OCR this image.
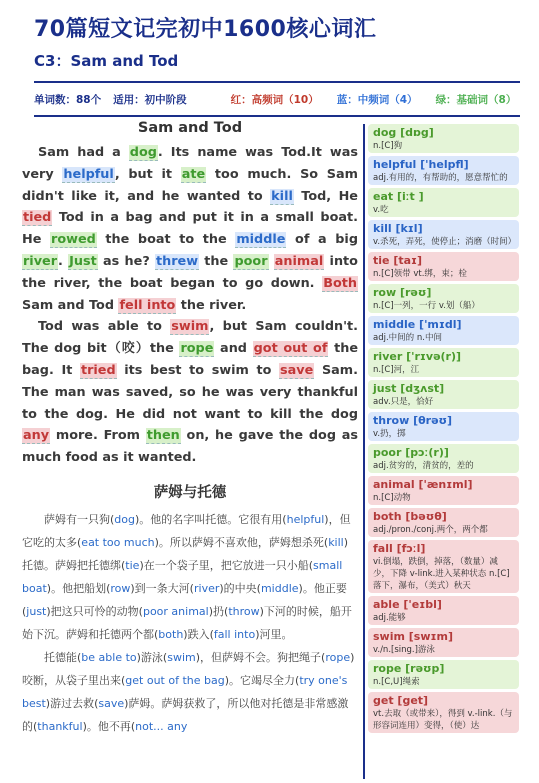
70篇短文记完初中1600核心词汇
C3：Sam and Tod
单词数：88个 适用：初中阶段	红：高频词（10） 蓝：中频词（4） 绿：基础词（8）
Sam and Tod

Sam had a dog. Its name was Tod.It was very helpful, but it ate too much. So Sam didn't like it, and he wanted to kill Tod, He tied Tod in a bag and put it in a small boat. He rowed the boat to the middle of a big river. Just as he? threw the poor animal into the river, the boat began to go down. Both Sam and Tod fell into the river.

Tod was able to swim, but Sam couldn't. The dog bit（咬）the rope and got out of the bag. It tried its best to swim to save Sam. The man was saved, so he was very thankful to the dog. He did not want to kill the dog any more. From then on, he gave the dog as much food as it wanted.

萨姆与托德

萨姆有一只狗(dog)。他的名字叫托德。它很有用(helpful)，但它吃的太多(eat too much)。所以萨姆不喜欢他，萨姆想杀死(kill)托德。萨姆把托德绑(tie)在一个袋子里，把它放进一只小船(small boat)。他把船划(row)到一条大河(river)的中央(middle)。他正要(just)把这只可怜的动物(poor animal)扔(throw)下河的时候，船开始下沉。萨姆和托德两个都(both)跌入(fall into)河里。

托德能(be able to)游泳(swim)，但萨姆不会。狗把绳子(rope)咬断，从袋子里出来(get out of the bag)。它竭尽全力(try one's best)游过去救(save)萨姆。萨姆获救了，所以他对托德是非常感激的(thankful)。他不再(not... any

dog [dɒg]
n.[C]狗
helpful ['helpfl]
adj.有用的，有帮助的，愿意帮忙的
eat [iːt ]
v.吃
kill [kɪl]
v.杀死，弄死，使停止；消磨（时间）
tie [taɪ]
n.[C]领带 vt.绑，束；栓
row [rəʊ]
n.[C]一列，一行 v.划（船）
middle ['mɪdl]
adj.中间的 n.中间
river ['rɪvə(r)]
n.[C]河，江
just [dʒʌst]
adv.只是，恰好
throw [θrəʊ]
v.扔，掷
poor [pɔː(r)]
adj.贫穷的，清贫的，差的
animal ['ænɪml]
n.[C]动物
both [bəʊθ]
adj./pron./conj.两个，两个都
fall [fɔːl]
vi.倒塌，跌倒，掉落，（数量）减少，下降 v-link.进入某种状态 n.[C]落下，瀑布，（美式）秋天
able ['eɪbl]
adj.能够
swim [swɪm]
v./n.[sing.]游泳
rope [rəʊp]
n.[C,U]绳索
get [get]
vt.去取（或带来），得到 v.-link.（与形容词连用）变得，（使）达
